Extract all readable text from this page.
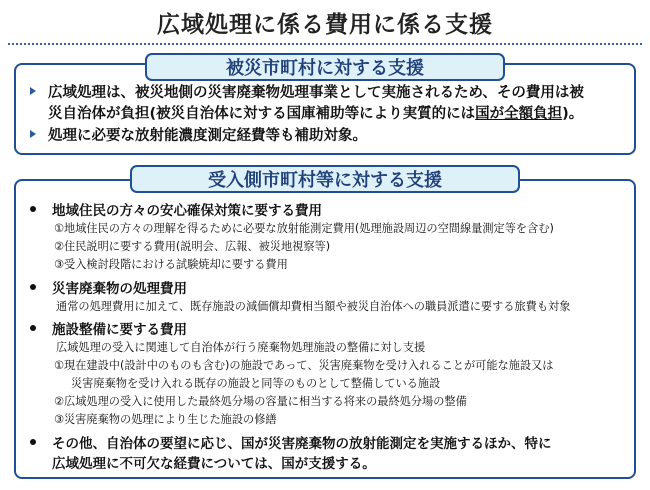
広域処理に係る費用に係る支援
広域処理は、被災地側の災害廃棄物処理事業として実施されるため、その費用は被
災自治体が負担(被災自治体に対する国庫補助等により実質的には国が全額負担)。
処理に必要な放射能濃度測定経費等も補助対象。
被災市町村に対する支援
地域住民の方々の安心確保対策に要する費用
①地域住民の方々の理解を得るために必要な放射能測定費用(処理施設周辺の空間線量測定等を含む)
②住民説明に要する費用(説明会、広報、被災地視察等)
③受入検討段階における試験焼却に要する費用
災害廃棄物の処理費用
通常の処理費用に加えて、既存施設の減価償却費相当額や被災自治体への職員派遣に要する旅費も対象
施設整備に要する費用
広域処理の受入に関連して自治体が行う廃棄物処理施設の整備に対し支援
①現在建設中(設計中のものも含む)の施設であって、災害廃棄物を受け入れることが可能な施設又は
災害廃棄物を受け入れる既存の施設と同等のものとして整備している施設
②広域処理の受入に使用した最終処分場の容量に相当する将来の最終処分場の整備
③災害廃棄物の処理により生じた施設の修繕
その他、自治体の要望に応じ、国が災害廃棄物の放射能測定を実施するほか、特に
広域処理に不可欠な経費については、国が支援する。
受入側市町村等に対する支援
